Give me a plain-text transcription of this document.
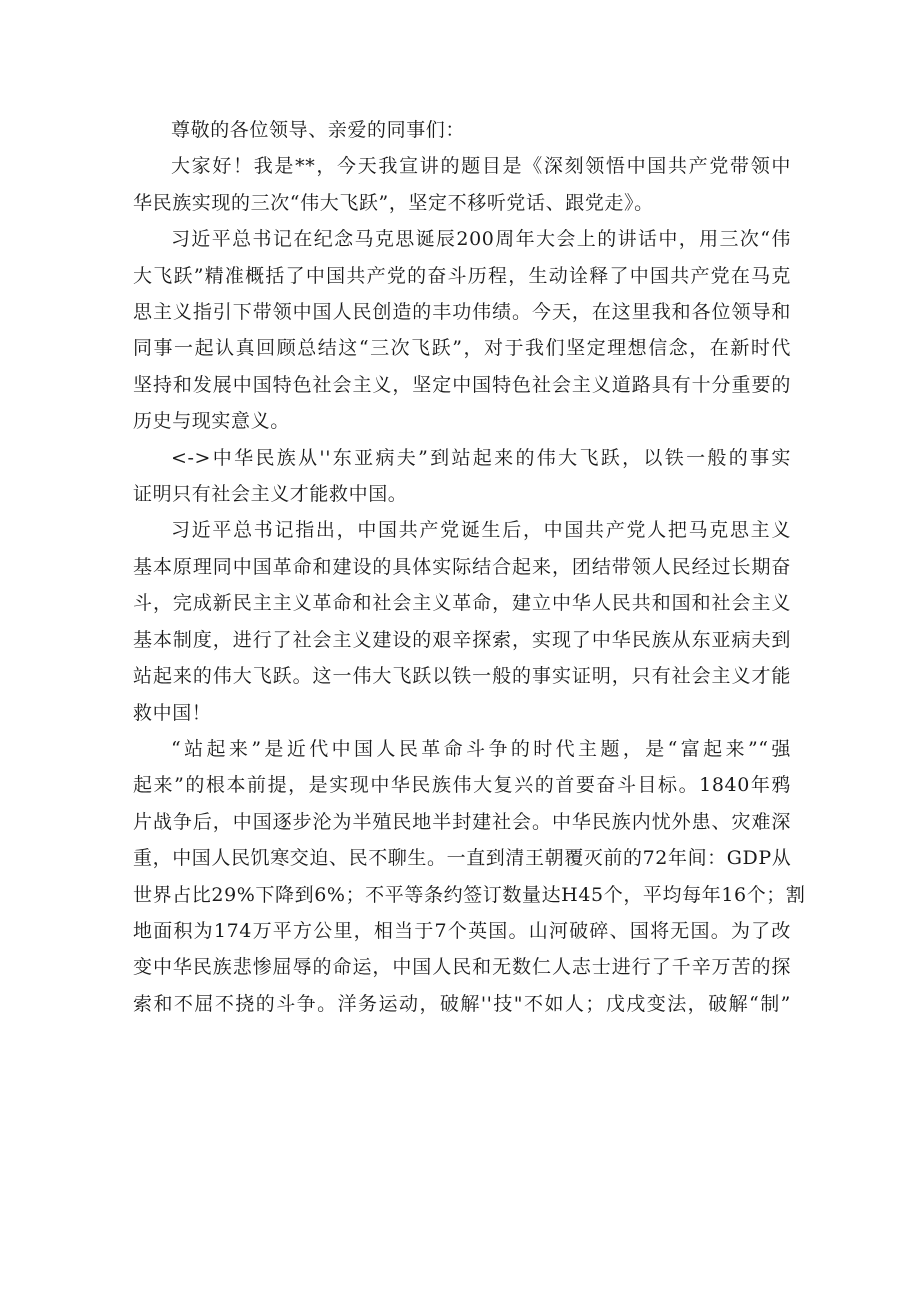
尊敬的各位领导、亲爱的同事们：
大家好！我是**，今天我宣讲的题目是《深刻领悟中国共产党带领中
华民族实现的三次“伟大飞跃”，坚定不移听党话、跟党走》。
习近平总书记在纪念马克思诞辰200周年大会上的讲话中，用三次“伟
大飞跃”精准概括了中国共产党的奋斗历程，生动诠释了中国共产党在马克
思主义指引下带领中国人民创造的丰功伟绩。今天，在这里我和各位领导和
同事一起认真回顾总结这“三次飞跃”，对于我们坚定理想信念，在新时代
坚持和发展中国特色社会主义，坚定中国特色社会主义道路具有十分重要的
历史与现实意义。
<->中华民族从''东亚病夫”到站起来的伟大飞跃，以铁一般的事实
证明只有社会主义才能救中国。
习近平总书记指出，中国共产党诞生后，中国共产党人把马克思主义
基本原理同中国革命和建设的具体实际结合起来，团结带领人民经过长期奋
斗，完成新民主主义革命和社会主义革命，建立中华人民共和国和社会主义
基本制度，进行了社会主义建设的艰辛探索，实现了中华民族从东亚病夫到
站起来的伟大飞跃。这一伟大飞跃以铁一般的事实证明，只有社会主义才能
救中国！
“站起来”是近代中国人民革命斗争的时代主题，是“富起来”“强
起来”的根本前提，是实现中华民族伟大复兴的首要奋斗目标。1840年鸦
片战争后，中国逐步沦为半殖民地半封建社会。中华民族内忧外患、灾难深
重，中国人民饥寒交迫、民不聊生。一直到清王朝覆灭前的72年间：GDP从
世界占比29%下降到6%；不平等条约签订数量达H45个，平均每年16个；割
地面积为174万平方公里，相当于7个英国。山河破碎、国将无国。为了改
变中华民族悲惨屈辱的命运，中国人民和无数仁人志士进行了千辛万苦的探
索和不屈不挠的斗争。洋务运动，破解''技"不如人；戊戌变法，破解“制”
